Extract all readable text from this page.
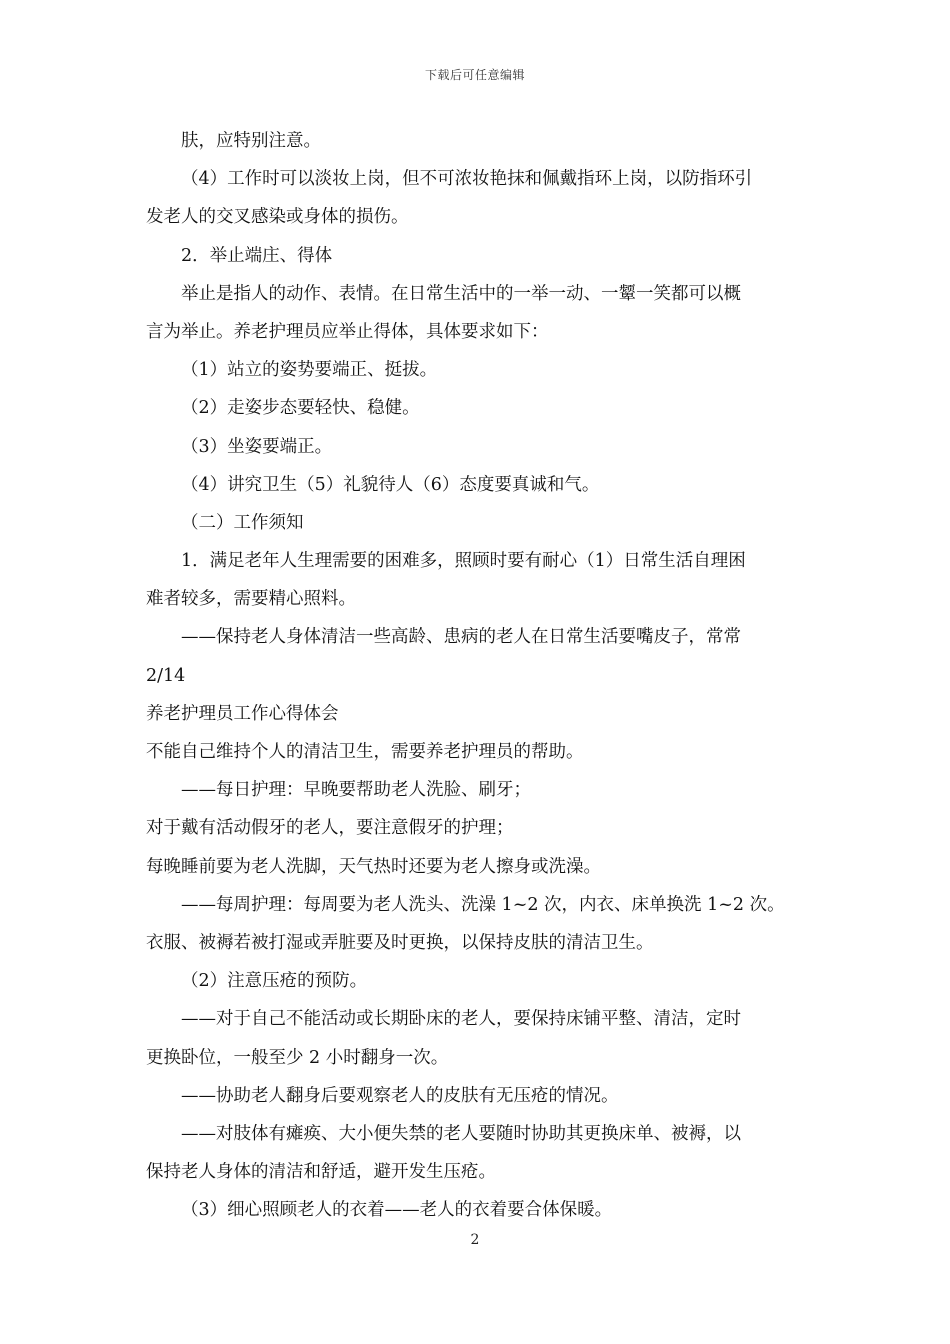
下载后可任意编辑
肤，应特别注意。
（4）工作时可以淡妆上岗，但不可浓妆艳抹和佩戴指环上岗，以防指环引
发老人的交叉感染或身体的损伤。
2．举止端庄、得体
举止是指人的动作、表情。在日常生活中的一举一动、一颦一笑都可以概
言为举止。养老护理员应举止得体，具体要求如下：
（1）站立的姿势要端正、挺拔。
（2）走姿步态要轻快、稳健。
（3）坐姿要端正。
（4）讲究卫生（5）礼貌待人（6）态度要真诚和气。
（二）工作须知
1．满足老年人生理需要的困难多，照顾时要有耐心（1）日常生活自理困
难者较多，需要精心照料。
——保持老人身体清洁一些高龄、患病的老人在日常生活要嘴皮子，常常
2/14
养老护理员工作心得体会
不能自己维持个人的清洁卫生，需要养老护理员的帮助。
——每日护理：早晚要帮助老人洗脸、刷牙；
对于戴有活动假牙的老人，要注意假牙的护理；
每晚睡前要为老人洗脚，天气热时还要为老人擦身或洗澡。
——每周护理：每周要为老人洗头、洗澡 1~2 次，内衣、床单换洗 1~2 次。
衣服、被褥若被打湿或弄脏要及时更换，以保持皮肤的清洁卫生。
（2）注意压疮的预防。
——对于自己不能活动或长期卧床的老人，要保持床铺平整、清洁，定时
更换卧位，一般至少 2 小时翻身一次。
——协助老人翻身后要观察老人的皮肤有无压疮的情况。
——对肢体有瘫痪、大小便失禁的老人要随时协助其更换床单、被褥，以
保持老人身体的清洁和舒适，避开发生压疮。
（3）细心照顾老人的衣着——老人的衣着要合体保暖。
2
